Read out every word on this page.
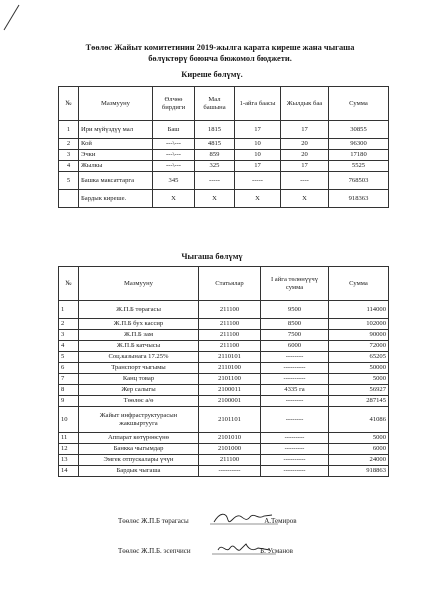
Төөлөс Жайыт комитетинин 2019-жылга карата киреше жана чыгаша
бөлүктөрү боюнча бюжомол бюджети.
Киреше бөлүмү.
№	Мазмууну	Өлчөө бирдиги	Мал башына	1-айга баасы	Жылдык баа	Сумма
1	Ири мүйүздүү мал	Баш	1815	17	17	30855
2	Кой	---\---	4815	10	20	96300
3	Эчки	---\---	859	10	20	17180
4	Жылкы	---\---	325	17	17	5525
5	Башка максаттарга	345	-----	-----	----	768503
	Бардык киреше.	X	X	X	X	918363
Чыгаша бөлүмү
№	Мазмууну	Статьялар	I айга төлөнүүчү сумма	Сумма
1	Ж.П.Б төрагасы	211100	9500	114000
2	Ж.П.Б бух кассир	211100	8500	102000
3	Ж.П.Б зам	211100	7500	90000
4	Ж.П.Б катчысы	211100	6000	72000
5	Соц.казынага 17.25%	2110101	--------	65205
6	Транспорт чыгымы	2110100	----------	50000
7	Канц товар	2101100	----------	5000
8	Жер салыгы	2100011	4335 га	56927
9	Төөлөс а/ө	2100001	--------	287145
10	Жайыт инфраструктурасын жакшыртууга	2101101	--------	41086
11	Аппарат көтүрөөсүнө	2101010	---------	5000
12	Банкка чыгымдар	2101000	---------	6000
13	Эмгек отпускалары үчүн	211100	----------	24000
14	Бардык чыгаша	----------	----------	918863
Төөлөс Ж.П.Б төрагасы	А.Темиров
Төөлөс Ж.П.Б. эсепчиси	Б. Усманов
